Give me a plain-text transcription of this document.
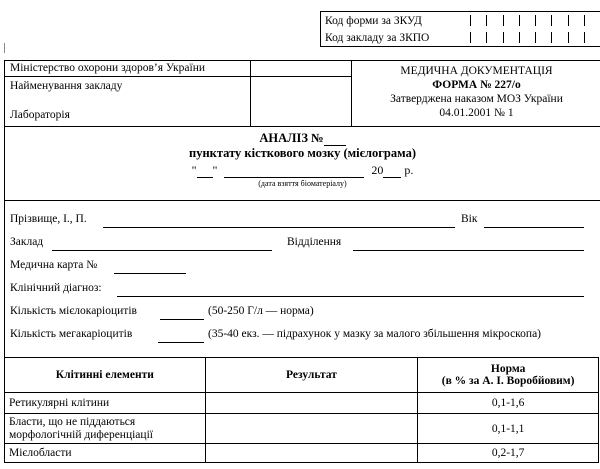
Код форми за ЗКУД
Код закладу за ЗКПО
Міністерство охорони здоров’я України
Найменування закладу
Лабораторія
МЕДИЧНА ДОКУМЕНТАЦІЯ
ФОРМА № 227/о
Затверджена наказом МОЗ України
04.01.2001 № 1
АНАЛІЗ №
пунктату кісткового мозку (мієлограма)
" "	20 р.
(дата взяття біоматеріалу)
Прізвище, І., П.	Вік
Заклад	Відділення
Медична карта №
Клінічний діагноз:
Кількість мієлокаріоцитів	(50-250 Г/л — норма)
Кількість мегакаріоцитів	(35-40 екз. — підрахунок у мазку за малого збільшення мікроскопа)
Клітинні елементи	Результат	Норма
(в % за А. І. Воробйовим)

Ретикулярні клітини		0,1-1,6

Бласти, що не піддаються
морфологічній диференціації		0,1-1,1
Мієлобласти		0,2-1,7
